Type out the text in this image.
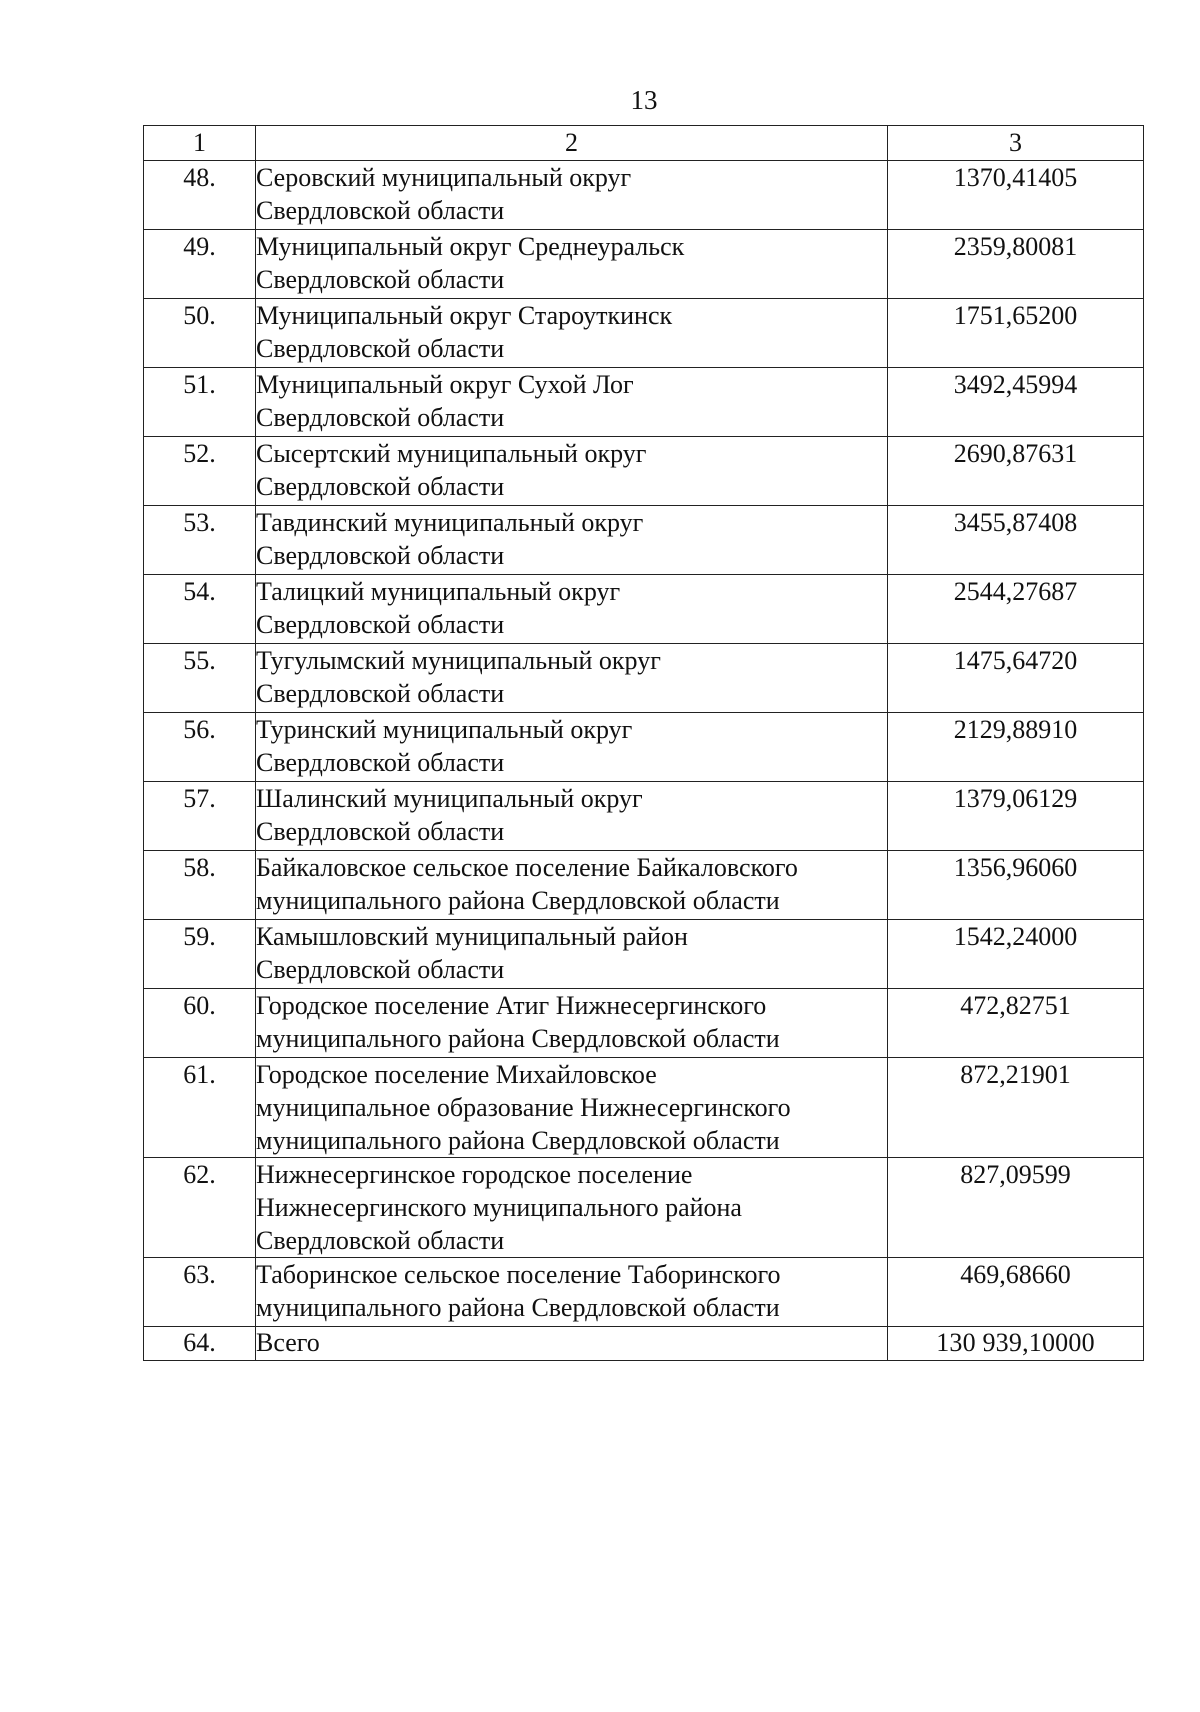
13
1	2	3
48.	Серовский муниципальный округ
Свердловской области	1370,41405
49.	Муниципальный округ Среднеуральск
Свердловской области	2359,80081
50.	Муниципальный округ Староуткинск
Свердловской области	1751,65200
51.	Муниципальный округ Сухой Лог
Свердловской области	3492,45994
52.	Сысертский муниципальный округ
Свердловской области	2690,87631
53.	Тавдинский муниципальный округ
Свердловской области	3455,87408
54.	Талицкий муниципальный округ
Свердловской области	2544,27687
55.	Тугулымский муниципальный округ
Свердловской области	1475,64720
56.	Туринский муниципальный округ
Свердловской области	2129,88910
57.	Шалинский муниципальный округ
Свердловской области	1379,06129
58.	Байкаловское сельское поселение Байкаловского
муниципального района Свердловской области	1356,96060
59.	Камышловский муниципальный район
Свердловской области	1542,24000
60.	Городское поселение Атиг Нижнесергинского
муниципального района Свердловской области	472,82751
61.	Городское поселение Михайловское
муниципальное образование Нижнесергинского
муниципального района Свердловской области	872,21901
62.	Нижнесергинское городское поселение
Нижнесергинского муниципального района
Свердловской области	827,09599
63.	Таборинское сельское поселение Таборинского
муниципального района Свердловской области	469,68660
64.	Всего	130 939,10000
